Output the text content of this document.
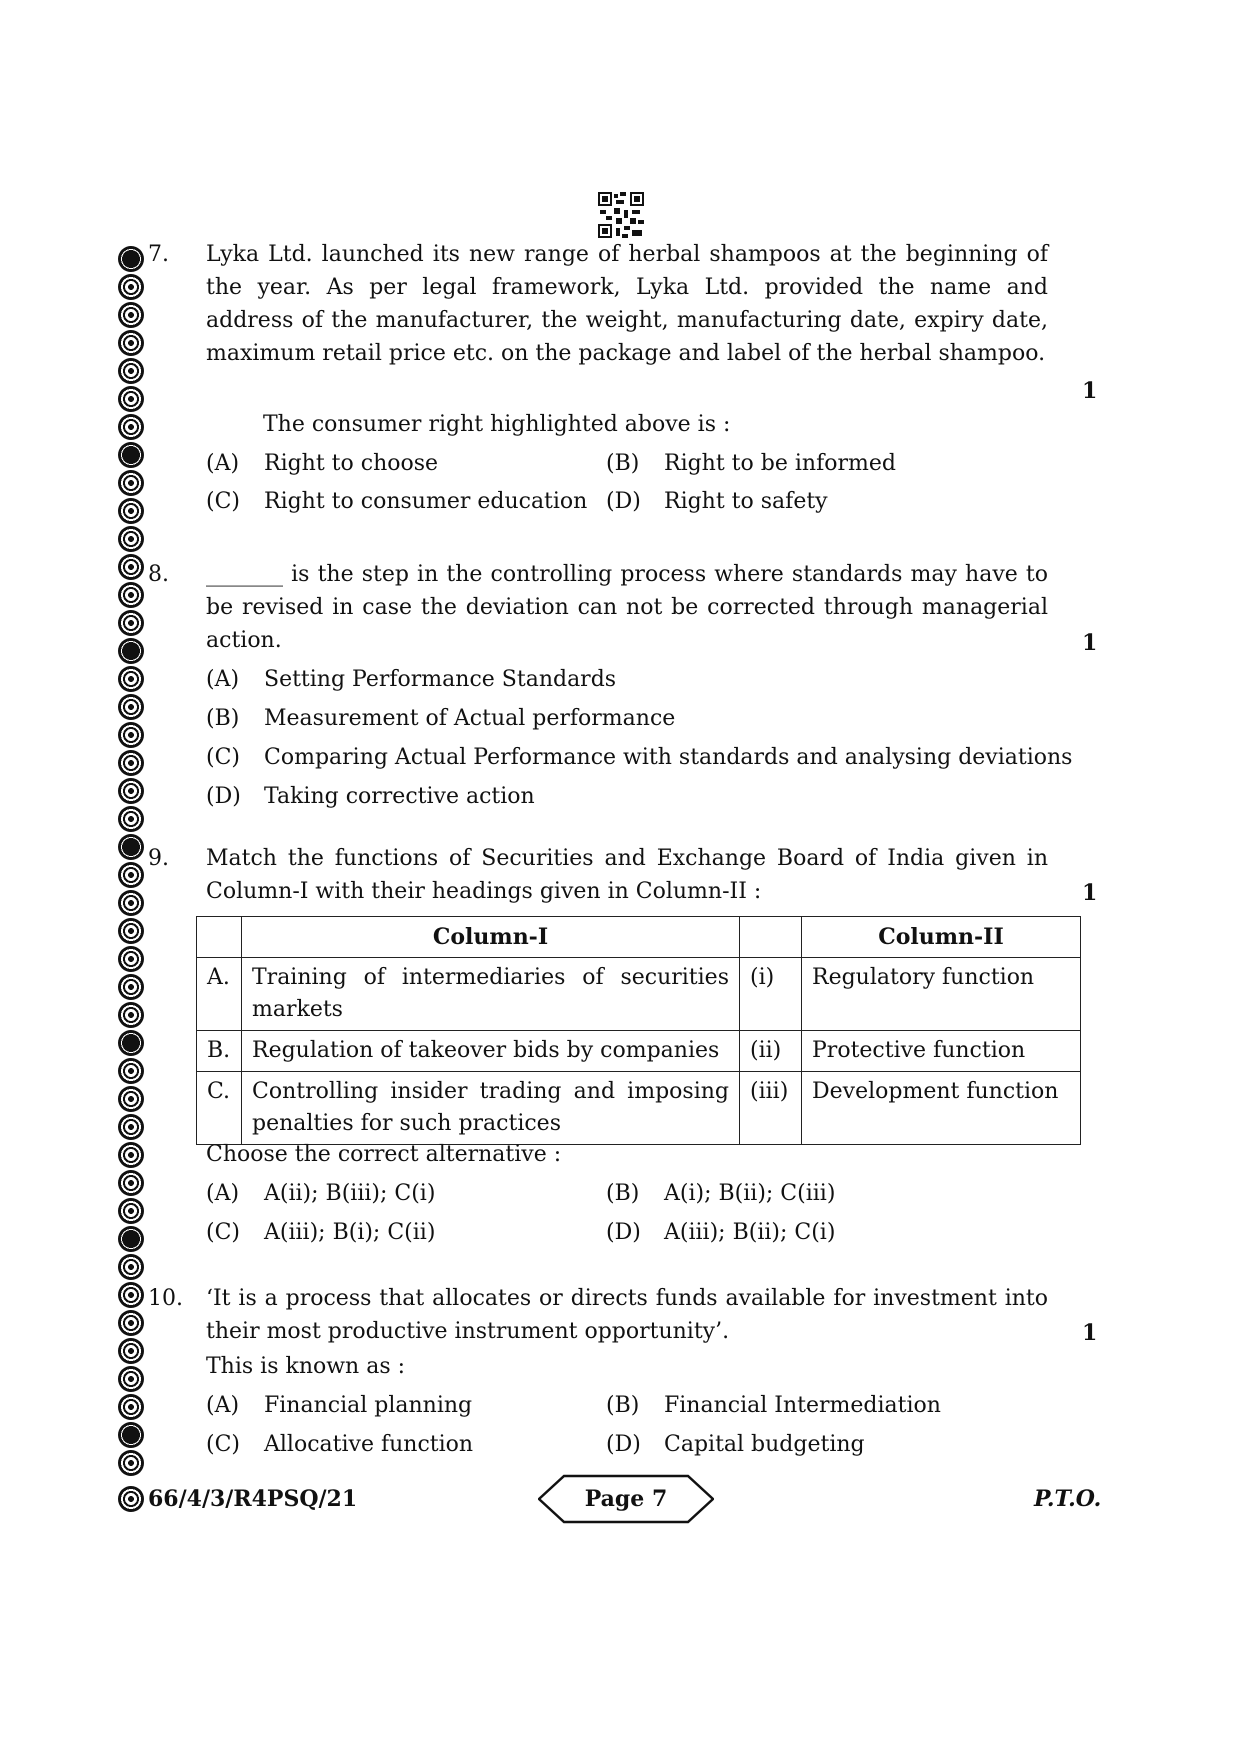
7. Lyka Ltd. launched its new range of herbal shampoos at the beginning of the year. As per legal framework, Lyka Ltd. provided the name and address of the manufacturer, the weight, manufacturing date, expiry date, maximum retail price etc. on the package and label of the herbal shampoo.
1
The consumer right highlighted above is :
(A) Right to choose	(B) Right to be informed
(C) Right to consumer education (D) Right to safety
8. _______ is the step in the controlling process where standards may have to be revised in case the deviation can not be corrected through managerial action.	1
(A) Setting Performance Standards
(B) Measurement of Actual performance
(C) Comparing Actual Performance with standards and analysing deviations
(D) Taking corrective action
9. Match the functions of Securities and Exchange Board of India given in Column-I with their headings given in Column-II :	1
	Column-I		Column-II
A.	Training of intermediaries of securities markets	(i)	Regulatory function
B.	Regulation of takeover bids by companies	(ii)	Protective function
C.	Controlling insider trading and imposing penalties for such practices	(iii)	Development function
Choose the correct alternative :
(A) A(ii); B(iii); C(i)	(B) A(i); B(ii); C(iii)
(C) A(iii); B(i); C(ii)	(D) A(iii); B(ii); C(i)
10. ‘It is a process that allocates or directs funds available for investment into their most productive instrument opportunity’.	1
This is known as :
(A) Financial planning	(B) Financial Intermediation
(C) Allocative function	(D) Capital budgeting
66/4/3/R4PSQ/21	Page 7	P.T.O.
